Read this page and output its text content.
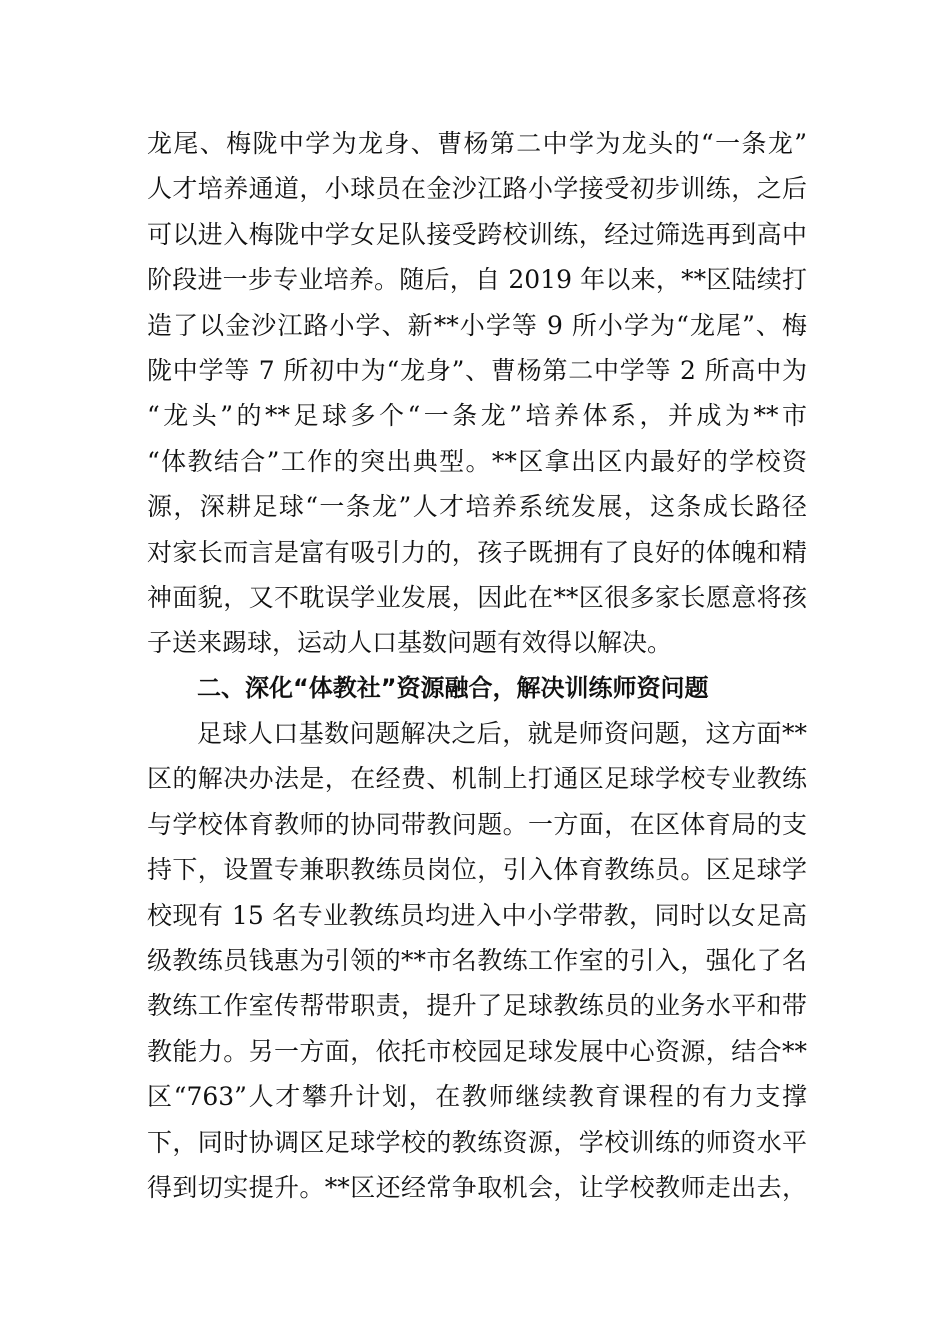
龙尾、梅陇中学为龙身、曹杨第二中学为龙头的“一条龙”
人才培养通道，小球员在金沙江路小学接受初步训练，之后
可以进入梅陇中学女足队接受跨校训练，经过筛选再到高中
阶段进一步专业培养。随后，自 2019 年以来，**区陆续打
造了以金沙江路小学、新**小学等 9 所小学为“龙尾”、梅
陇中学等 7 所初中为“龙身”、曹杨第二中学等 2 所高中为
“龙头”的**足球多个“一条龙”培养体系，并成为**市
“体教结合”工作的突出典型。**区拿出区内最好的学校资
源，深耕足球“一条龙”人才培养系统发展，这条成长路径
对家长而言是富有吸引力的，孩子既拥有了良好的体魄和精
神面貌，又不耽误学业发展，因此在**区很多家长愿意将孩
子送来踢球，运动人口基数问题有效得以解决。
二、深化“体教社”资源融合，解决训练师资问题
足球人口基数问题解决之后，就是师资问题，这方面**
区的解决办法是，在经费、机制上打通区足球学校专业教练
与学校体育教师的协同带教问题。一方面，在区体育局的支
持下，设置专兼职教练员岗位，引入体育教练员。区足球学
校现有 15 名专业教练员均进入中小学带教，同时以女足高
级教练员钱惠为引领的**市名教练工作室的引入，强化了名
教练工作室传帮带职责，提升了足球教练员的业务水平和带
教能力。另一方面，依托市校园足球发展中心资源，结合**
区“763”人才攀升计划，在教师继续教育课程的有力支撑
下，同时协调区足球学校的教练资源，学校训练的师资水平
得到切实提升。**区还经常争取机会，让学校教师走出去，
